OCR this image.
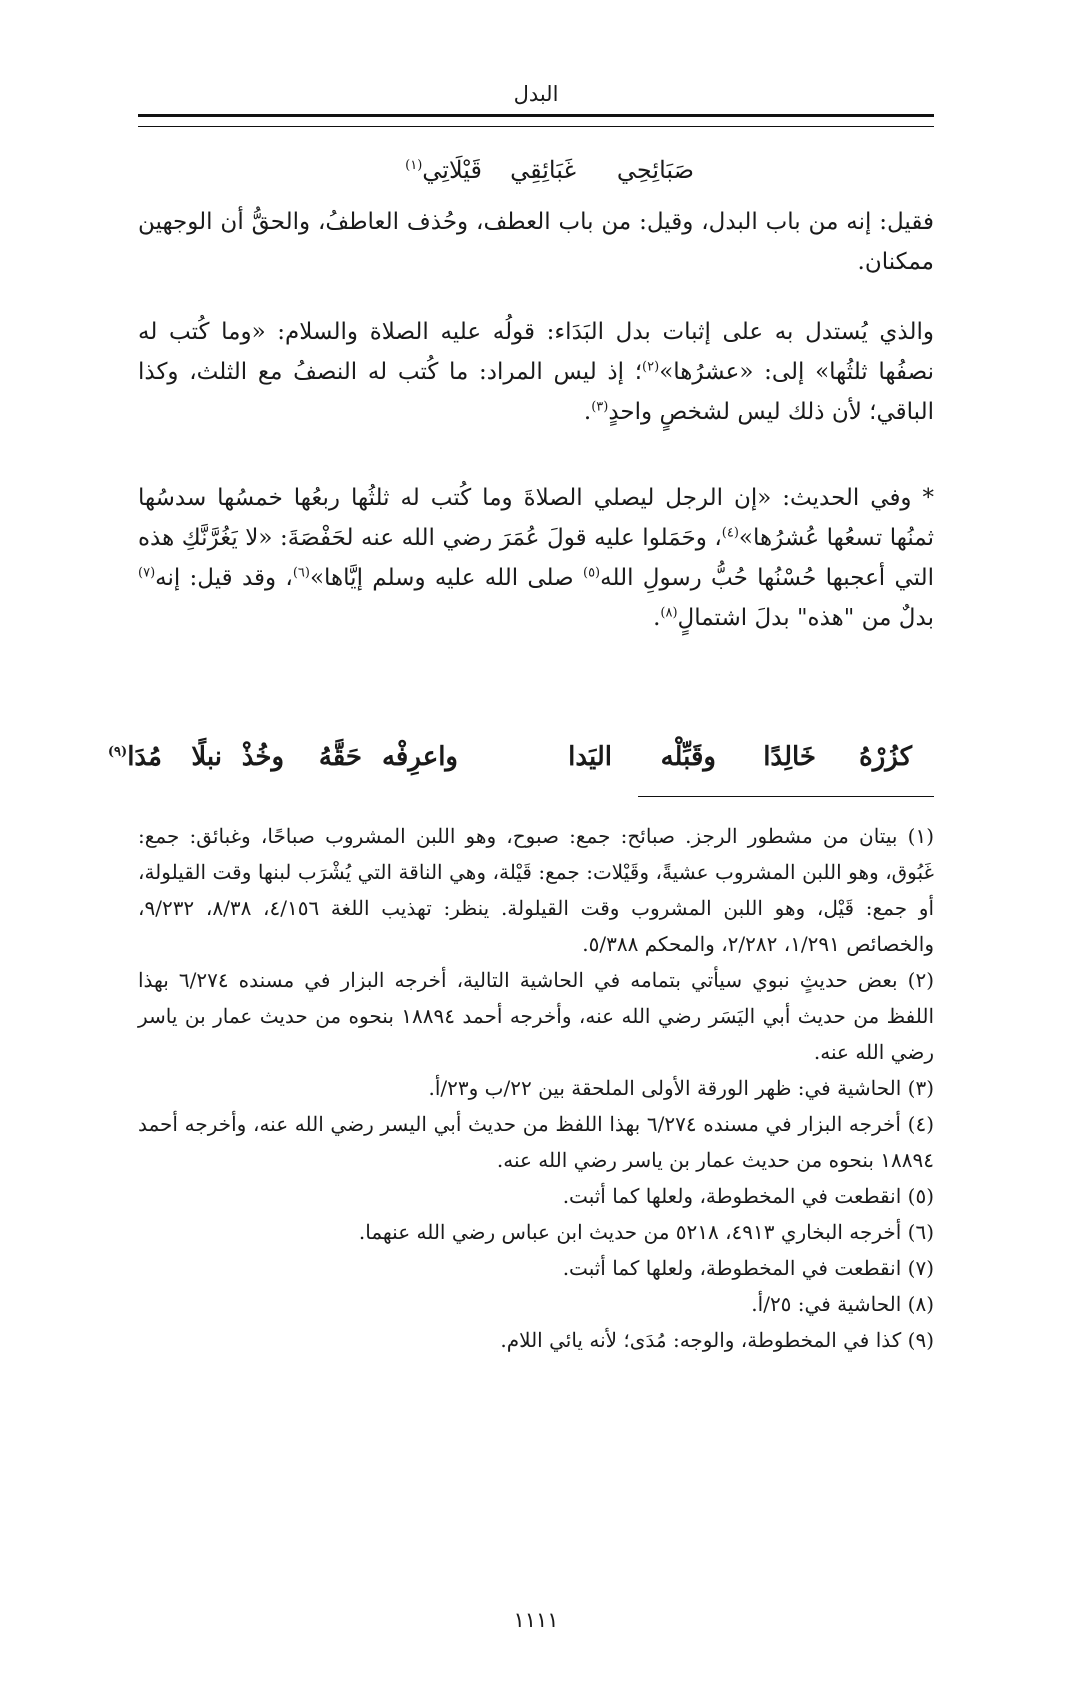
البدل
صَبَائِحِي
غَبَائِقِي
قَيْلَاتِي$^{(١)}$

فقيل: إنه من باب البدل، وقيل: من باب العطف، وحُذف العاطفُ، والحقُّ أن الوجهين ممكنان.

والذي يُستدل به على إثبات بدل البَدَاء: قولُه عليه الصلاة والسلام: «وما كُتب له نصفُها ثلثُها» إلى: «عشرُها»$^{(٢)}$؛ إذ ليس المراد: ما كُتب له النصفُ مع الثلث، وكذا الباقي؛ لأن ذلك ليس لشخصٍ واحدٍ$^{(٣)}$.

* وفي الحديث: «إن الرجل ليصلي الصلاةَ وما كُتب له ثلثُها ربعُها خمسُها سدسُها ثمنُها تسعُها عُشرُها»$^{(٤)}$، وحَمَلوا عليه قولَ عُمَرَ رضي الله عنه لحَفْصَةَ: «لا يَغُرَّنَّكِ هذه التي أعجبها حُسْنُها حُبُّ رسولِ الله$^{(٥)}$ صلى الله عليه وسلم إيَّاها»$^{(٦)}$، وقد قيل: إنه$^{(٧)}$ بدلٌ من "هذه" بدلَ اشتمالٍ$^{(٨)}$.

كزُرْهُ
خَالِدًا
وقَبِّلْه
اليَدا
واعرِفْه
حَقَّهُ
وخُذْ
نبلًا
مُدَا$^{(٩)}$

(١) بيتان من مشطور الرجز. صبائح: جمع: صبوح، وهو اللبن المشروب صباحًا، وغبائق: جمع: غَبُوق، وهو اللبن المشروب عشيةً، وقَيْلات: جمع: قَيْلة، وهي الناقة التي يُشْرَب لبنها وقت القيلولة، أو جمع: قَيْل، وهو اللبن المشروب وقت القيلولة. ينظر: تهذيب اللغة ٤/١٥٦، ٨/٣٨، ٩/٢٣٢، والخصائص ١/٢٩١، ٢/٢٨٢، والمحكم ٥/٣٨٨.

(٢) بعض حديثٍ نبوي سيأتي بتمامه في الحاشية التالية، أخرجه البزار في مسنده ٦/٢٧٤ بهذا اللفظ من حديث أبي اليَسَر رضي الله عنه، وأخرجه أحمد ١٨٨٩٤ بنحوه من حديث عمار بن ياسر رضي الله عنه.

(٣) الحاشية في: ظهر الورقة الأولى الملحقة بين ٢٢/ب و٢٣/أ.

(٤) أخرجه البزار في مسنده ٦/٢٧٤ بهذا اللفظ من حديث أبي اليسر رضي الله عنه، وأخرجه أحمد ١٨٨٩٤ بنحوه من حديث عمار بن ياسر رضي الله عنه.

(٥) انقطعت في المخطوطة، ولعلها كما أثبت.

(٦) أخرجه البخاري ٤٩١٣، ٥٢١٨ من حديث ابن عباس رضي الله عنهما.

(٧) انقطعت في المخطوطة، ولعلها كما أثبت.

(٨) الحاشية في: ٢٥/أ.

(٩) كذا في المخطوطة، والوجه: مُدَى؛ لأنه يائي اللام.

١١١١
